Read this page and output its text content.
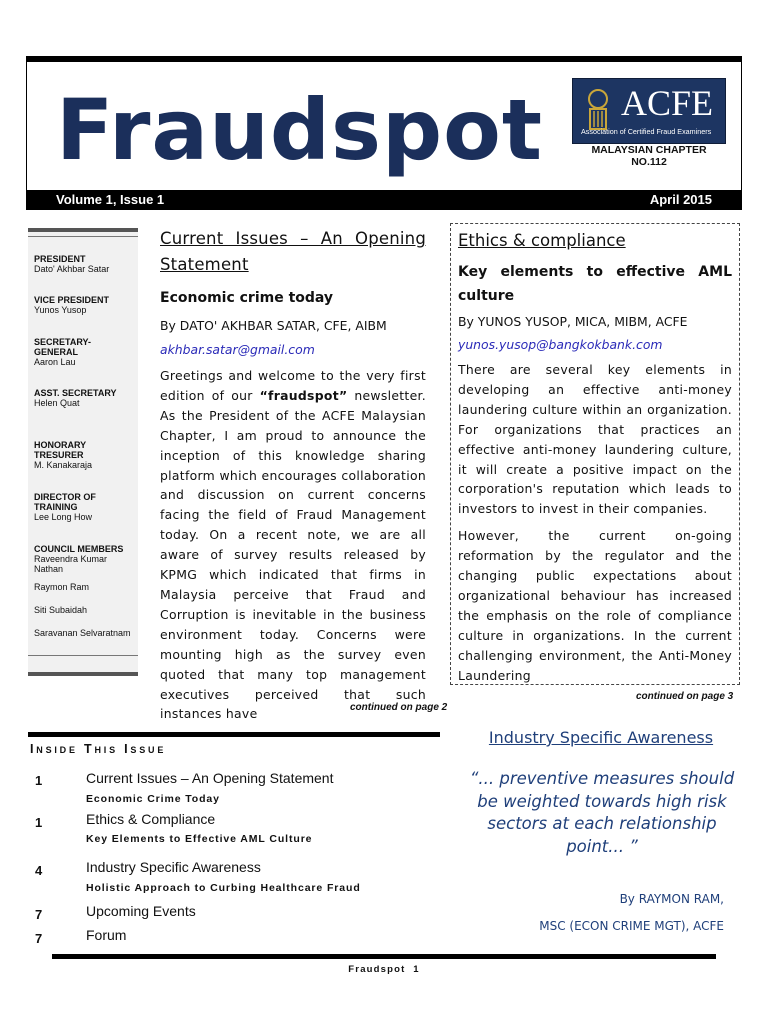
Fraudspot ACFE
Association of Certified Fraud Examiners
MALAYSIAN CHAPTER NO.112
Volume 1, Issue 1	April 2015
PRESIDENT
Dato' Akhbar Satar
VICE PRESIDENT
Yunos Yusop
SECRETARY-GENERAL
Aaron Lau
ASST. SECRETARY
Helen Quat
HONORARY TRESURER
M. Kanakaraja
DIRECTOR OF TRAINING
Lee Long How
COUNCIL MEMBERS
Raveendra Kumar Nathan
Raymon Ram
Siti Subaidah
Saravanan Selvaratnam
Current Issues – An Opening Statement
Economic crime today
By DATO' AKHBAR SATAR, CFE, AIBM
akhbar.satar@gmail.com
Greetings and welcome to the very first edition of our “fraudspot” newsletter. As the President of the ACFE Malaysian Chapter, I am proud to announce the inception of this knowledge sharing platform which encourages collaboration and discussion on current concerns facing the field of Fraud Management today. On a recent note, we are all aware of survey results released by KPMG which indicated that firms in Malaysia perceive that Fraud and Corruption is inevitable in the business environment today. Concerns were mounting high as the survey even quoted that many top management executives perceived that such instances have	continued on page 2
Ethics & compliance
Key elements to effective AML culture
By YUNOS YUSOP, MICA, MIBM, ACFE
yunos.yusop@bangkokbank.com
There are several key elements in developing an effective anti-money laundering culture within an organization. For organizations that practices an effective anti-money laundering culture, it will create a positive impact on the corporation's reputation which leads to investors to invest in their companies.
However, the current on-going reformation by the regulator and the changing public expectations about organizational behaviour has increased the emphasis on the role of compliance culture in organizations. In the current challenging environment, the Anti-Money Laundering
continued on page 3
Inside This Issue
1	Current Issues – An Opening Statement
Economic Crime Today
1	Ethics & Compliance
Key Elements to Effective AML Culture
4	Industry Specific Awareness
Holistic Approach to Curbing Healthcare Fraud
7	Upcoming Events
7	Forum
Industry Specific Awareness
“... preventive measures should be weighted towards high risk sectors at each relationship point... ”
By RAYMON RAM,
MSC (ECON CRIME MGT), ACFE
Fraudspot  1
